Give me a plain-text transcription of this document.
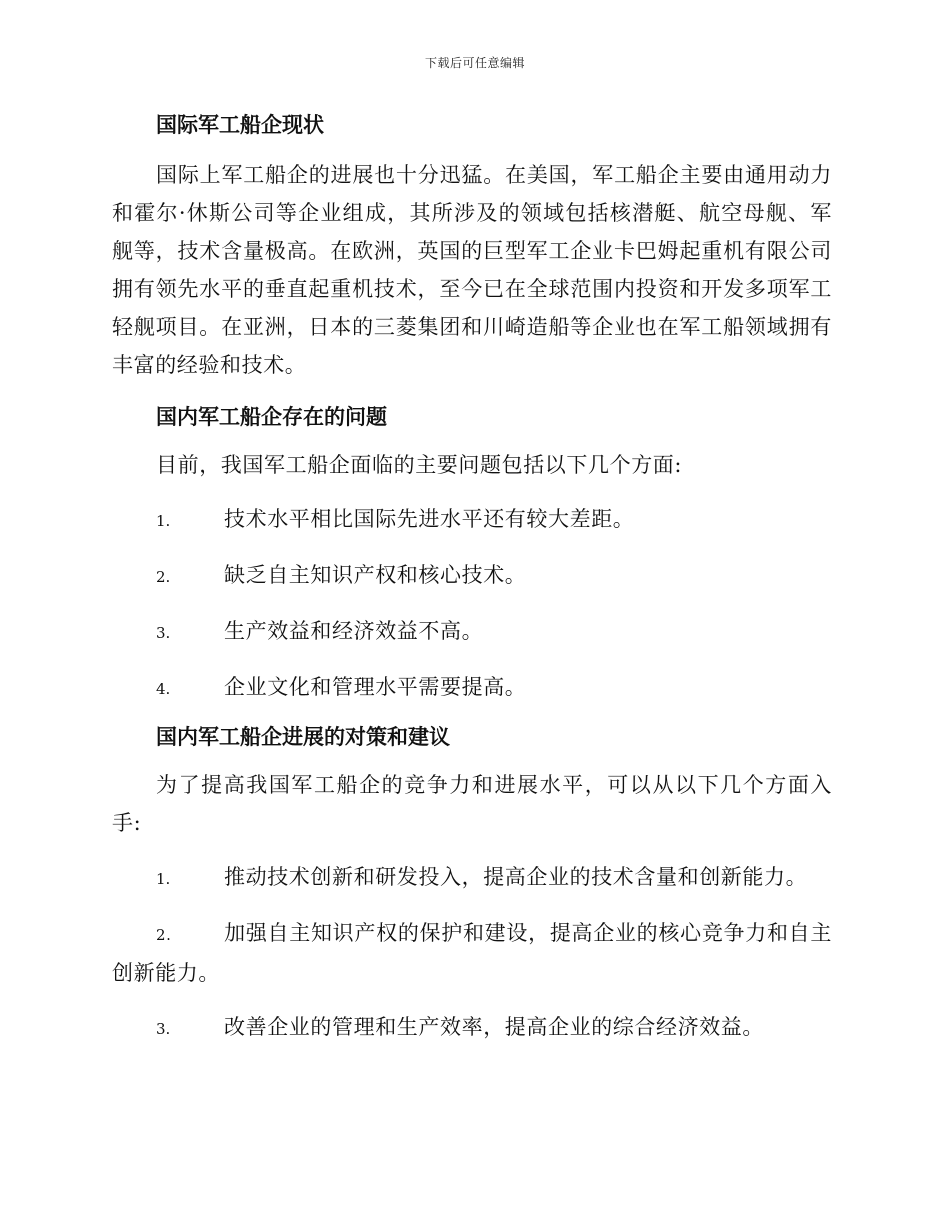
下载后可任意编辑
国际军工船企现状

国际上军工船企的进展也十分迅猛。在美国，军工船企主要由通用动力和霍尔·休斯公司等企业组成，其所涉及的领域包括核潜艇、航空母舰、军舰等，技术含量极高。在欧洲，英国的巨型军工企业卡巴姆起重机有限公司拥有领先水平的垂直起重机技术，至今已在全球范围内投资和开发多项军工轻舰项目。在亚洲，日本的三菱集团和川崎造船等企业也在军工船领域拥有丰富的经验和技术。

国内军工船企存在的问题

目前，我国军工船企面临的主要问题包括以下几个方面:

1.	技术水平相比国际先进水平还有较大差距。
2.	缺乏自主知识产权和核心技术。
3.	生产效益和经济效益不高。
4.	企业文化和管理水平需要提高。
国内军工船企进展的对策和建议

为了提高我国军工船企的竞争力和进展水平，可以从以下几个方面入手:

1.	推动技术创新和研发投入，提高企业的技术含量和创新能力。

2. 加强自主知识产权的保护和建设，提高企业的核心竞争力和自主创新能力。

3.	改善企业的管理和生产效率，提高企业的综合经济效益。
